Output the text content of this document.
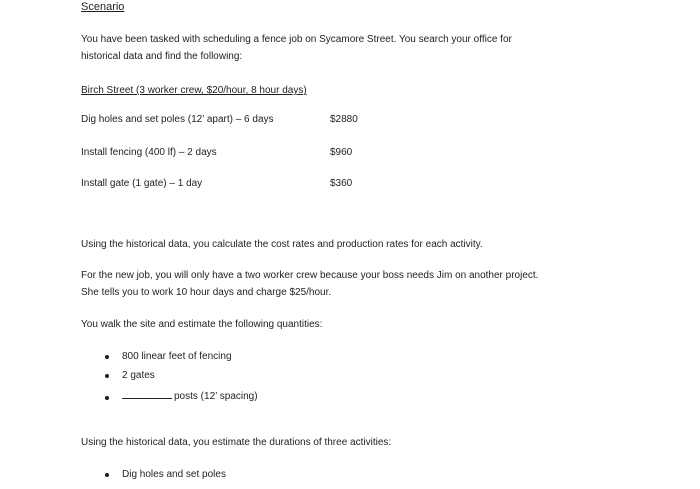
Scenario
You have been tasked with scheduling a fence job on Sycamore Street. You search your office for
historical data and find the following:
Birch Street (3 worker crew, $20/hour, 8 hour days)
Dig holes and set poles (12’ apart) – 6 days	$2880
Install fencing (400 lf) – 2 days	$960
Install gate (1 gate) – 1 day	$360
Using the historical data, you calculate the cost rates and production rates for each activity.
For the new job, you will only have a two worker crew because your boss needs Jim on another project.
She tells you to work 10 hour days and charge $25/hour.
You walk the site and estimate the following quantities:
800 linear feet of fencing
2 gates
posts (12’ spacing)
Using the historical data, you estimate the durations of three activities:
Dig holes and set poles
